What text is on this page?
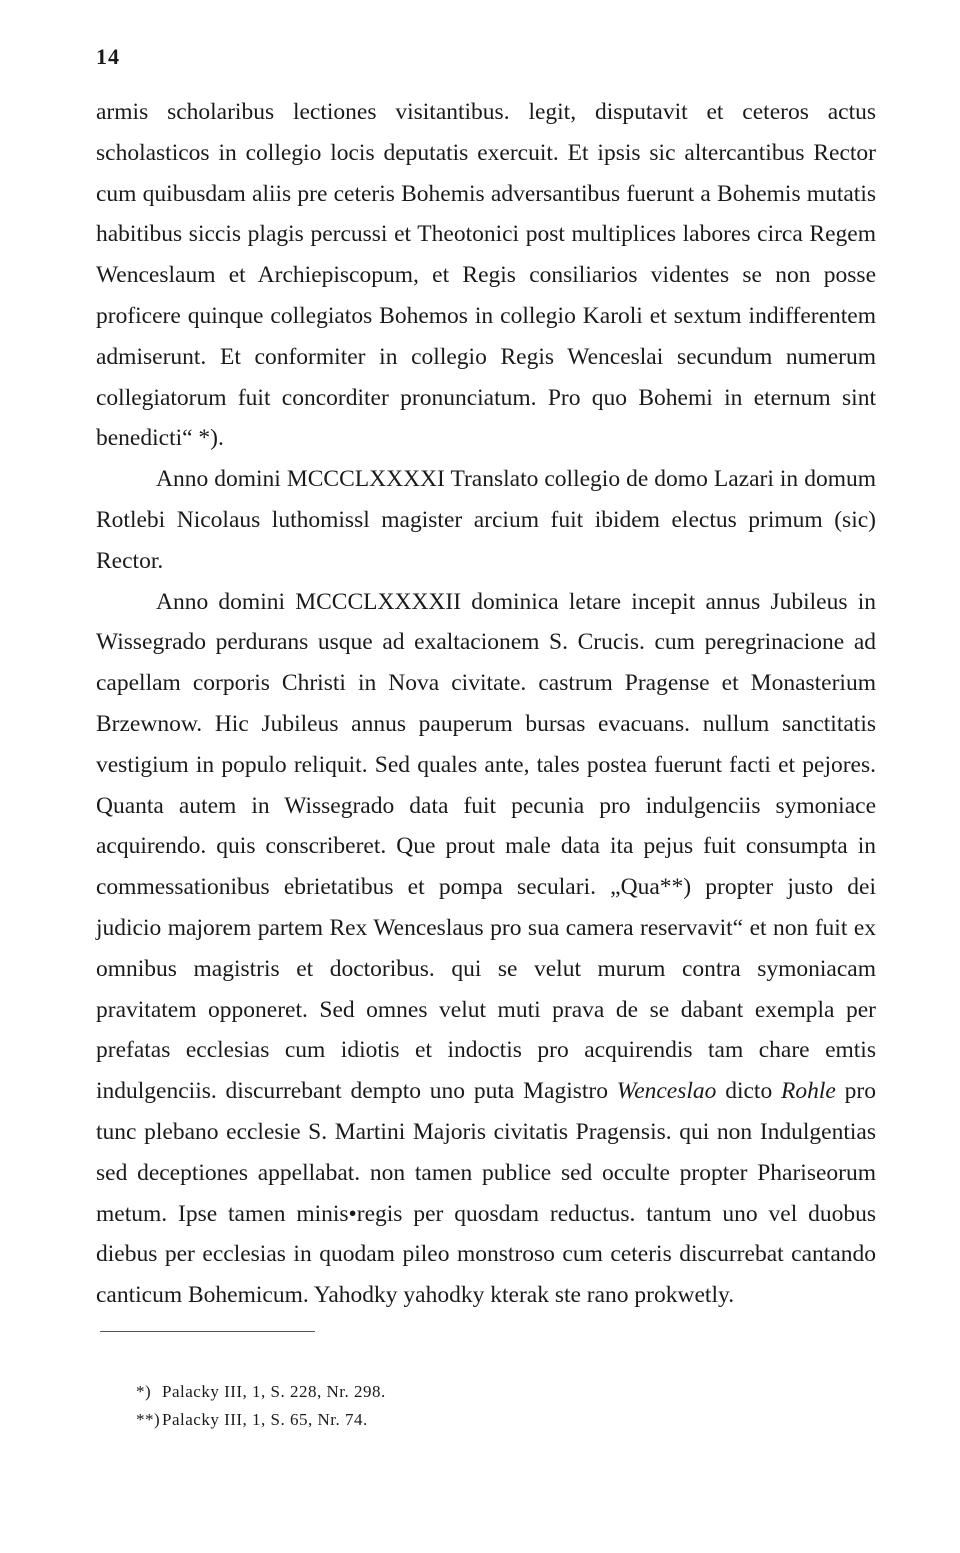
14

armis scholaribus lectiones visitantibus. legit, disputavit et ceteros actus scholasticos in collegio locis deputatis exercuit. Et ipsis sic altercantibus Rector cum quibusdam aliis pre ceteris Bohemis adversantibus fuerunt a Bohemis mutatis habitibus siccis plagis percussi et Theotonici post multiplices labores circa Regem Wenceslaum et Archiepiscopum, et Regis consiliarios videntes se non posse proficere quinque collegiatos Bohemos in collegio Karoli et sextum indifferentem admiserunt. Et conformiter in collegio Regis Wenceslai secundum numerum collegiatorum fuit concorditer pronunciatum. Pro quo Bohemi in eternum sint benedicti“ *).

Anno domini MCCCLXXXXI Translato collegio de domo Lazari in domum Rotlebi Nicolaus luthomissl magister arcium fuit ibidem electus primum (sic) Rector.

Anno domini MCCCLXXXXII dominica letare incepit annus Jubileus in Wissegrado perdurans usque ad exaltacionem S. Crucis. cum peregrinacione ad capellam corporis Christi in Nova civitate. castrum Pragense et Monasterium Brzewnow. Hic Jubileus annus pauperum bursas evacuans. nullum sanctitatis vestigium in populo reliquit. Sed quales ante, tales postea fuerunt facti et pejores. Quanta autem in Wissegrado data fuit pecunia pro indulgenciis symoniace acquirendo. quis conscriberet. Que prout male data ita pejus fuit consumpta in commessationibus ebrietatibus et pompa seculari. „Qua**) propter justo dei judicio majorem partem Rex Wenceslaus pro sua camera reservavit“ et non fuit ex omnibus magistris et doctoribus. qui se velut murum contra symoniacam pravitatem opponeret. Sed omnes velut muti prava de se dabant exempla per prefatas ecclesias cum idiotis et indoctis pro acquirendis tam chare emtis indulgenciis. discurrebant dempto uno puta Magistro Wenceslao dicto Rohle pro tunc plebano ecclesie S. Martini Majoris civitatis Pragensis. qui non Indulgentias sed deceptiones appellabat. non tamen publice sed occulte propter Phariseorum metum. Ipse tamen minis•regis per quosdam reductus. tantum uno vel duobus diebus per ecclesias in quodam pileo monstroso cum ceteris discurrebat cantando canticum Bohemicum. Yahodky yahodky kterak ste rano prokwetly.

*) Palacky III, 1, S. 228, Nr. 298.
**) Palacky III, 1, S. 65, Nr. 74.
